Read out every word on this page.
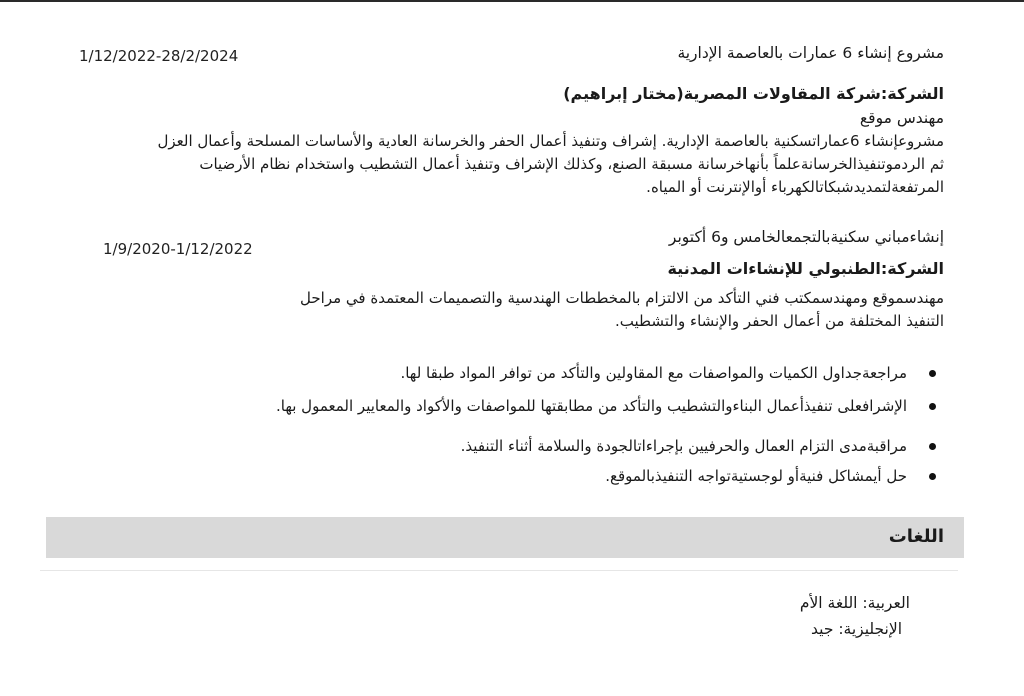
مشروع إنشاء 6 عمارات بالعاصمة الإدارية
1/12/2022-28/2/2024
الشركة:شركة المقاولات المصرية(مختار إبراهيم)
مهندس موقع
مشروعإنشاء 6عماراتسكنية بالعاصمة الإدارية. إشراف وتنفيذ أعمال الحفر والخرسانة العادية والأساسات المسلحة وأعمال العزل
ثم الردموتنفيذالخرسانةعلماً بأنهاخرسانة مسبقة الصنع، وكذلك الإشراف وتنفيذ أعمال التشطيب واستخدام نظام الأرضيات
المرتفعةلتمديدشبكاتالكهرباء أوالإنترنت أو المياه.
إنشاءمباني سكنيةبالتجمعالخامس و6 أكتوبر
1/9/2020-1/12/2022
الشركة:الطنبولي للإنشاءات المدنية
مهندسموقع ومهندسمكتب فني التأكد من الالتزام بالمخططات الهندسية والتصميمات المعتمدة في مراحل
التنفيذ المختلفة من أعمال الحفر والإنشاء والتشطيب.
مراجعةجداول الكميات والمواصفات مع المقاولين والتأكد من توافر المواد طبقا لها.
الإشرافعلى تنفيذأعمال البناءوالتشطيب والتأكد من مطابقتها للمواصفات والأكواد والمعايير المعمول بها.
مراقبةمدى التزام العمال والحرفيين بإجراءاتالجودة والسلامة أثناء التنفيذ.
حل أيمشاكل فنيةأو لوجستيةتواجه التنفيذبالموقع.
اللغات
العربية: اللغة الأم
الإنجليزية: جيد
